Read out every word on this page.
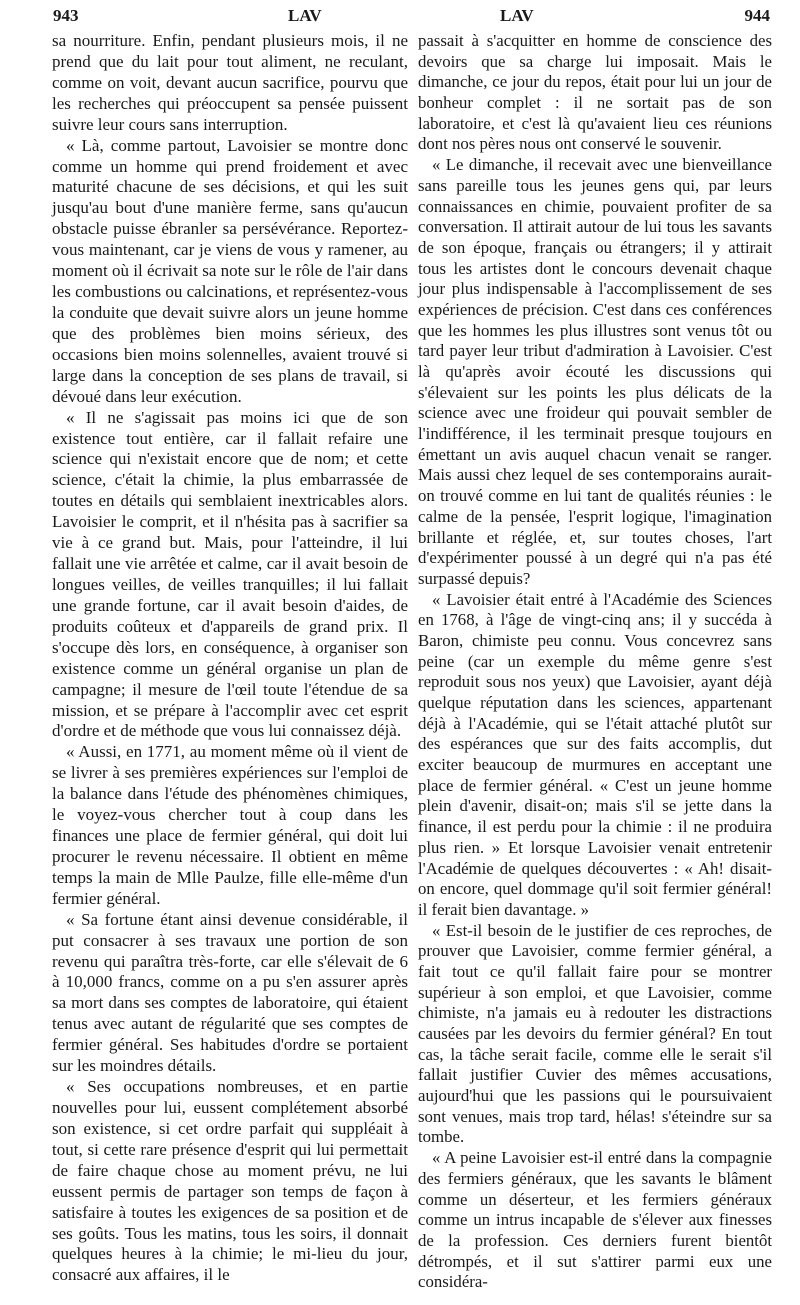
943	LAV	LAV	944

sa nourriture. Enfin, pendant plusieurs mois, il ne prend que du lait pour tout aliment, ne reculant, comme on voit, devant aucun sacrifice, pourvu que les recherches qui préoccupent sa pensée puissent suivre leur cours sans interruption.

« Là, comme partout, Lavoisier se montre donc comme un homme qui prend froidement et avec maturité chacune de ses décisions, et qui les suit jusqu'au bout d'une manière ferme, sans qu'aucun obstacle puisse ébranler sa persévérance. Reportez-vous maintenant, car je viens de vous y ramener, au moment où il écrivait sa note sur le rôle de l'air dans les combustions ou calcinations, et représentez-vous la conduite que devait suivre alors un jeune homme que des problèmes bien moins sérieux, des occasions bien moins solennelles, avaient trouvé si large dans la conception de ses plans de travail, si dévoué dans leur exécution.

« Il ne s'agissait pas moins ici que de son existence tout entière, car il fallait refaire une science qui n'existait encore que de nom; et cette science, c'était la chimie, la plus embarrassée de toutes en détails qui semblaient inextricables alors. Lavoisier le comprit, et il n'hésita pas à sacrifier sa vie à ce grand but. Mais, pour l'atteindre, il lui fallait une vie arrêtée et calme, car il avait besoin de longues veilles, de veilles tranquilles; il lui fallait une grande fortune, car il avait besoin d'aides, de produits coûteux et d'appareils de grand prix. Il s'occupe dès lors, en conséquence, à organiser son existence comme un général organise un plan de campagne; il mesure de l'œil toute l'étendue de sa mission, et se prépare à l'accomplir avec cet esprit d'ordre et de méthode que vous lui connaissez déjà.

« Aussi, en 1771, au moment même où il vient de se livrer à ses premières expériences sur l'emploi de la balance dans l'étude des phénomènes chimiques, le voyez-vous chercher tout à coup dans les finances une place de fermier général, qui doit lui procurer le revenu nécessaire. Il obtient en même temps la main de Mlle Paulze, fille elle-même d'un fermier général.

« Sa fortune étant ainsi devenue considérable, il put consacrer à ses travaux une portion de son revenu qui paraîtra très-forte, car elle s'élevait de 6 à 10,000 francs, comme on a pu s'en assurer après sa mort dans ses comptes de laboratoire, qui étaient tenus avec autant de régularité que ses comptes de fermier général. Ses habitudes d'ordre se portaient sur les moindres détails.

« Ses occupations nombreuses, et en partie nouvelles pour lui, eussent complétement absorbé son existence, si cet ordre parfait qui suppléait à tout, si cette rare présence d'esprit qui lui permettait de faire chaque chose au moment prévu, ne lui eussent permis de partager son temps de façon à satisfaire à toutes les exigences de sa position et de ses goûts. Tous les matins, tous les soirs, il donnait quelques heures à la chimie; le mi-lieu du jour, consacré aux affaires, il le

passait à s'acquitter en homme de conscience des devoirs que sa charge lui imposait. Mais le dimanche, ce jour du repos, était pour lui un jour de bonheur complet : il ne sortait pas de son laboratoire, et c'est là qu'avaient lieu ces réunions dont nos pères nous ont conservé le souvenir.

« Le dimanche, il recevait avec une bienveillance sans pareille tous les jeunes gens qui, par leurs connaissances en chimie, pouvaient profiter de sa conversation. Il attirait autour de lui tous les savants de son époque, français ou étrangers; il y attirait tous les artistes dont le concours devenait chaque jour plus indispensable à l'accomplissement de ses expériences de précision. C'est dans ces conférences que les hommes les plus illustres sont venus tôt ou tard payer leur tribut d'admiration à Lavoisier. C'est là qu'après avoir écouté les discussions qui s'élevaient sur les points les plus délicats de la science avec une froideur qui pouvait sembler de l'indifférence, il les terminait presque toujours en émettant un avis auquel chacun venait se ranger. Mais aussi chez lequel de ses contemporains aurait-on trouvé comme en lui tant de qualités réunies : le calme de la pensée, l'esprit logique, l'imagination brillante et réglée, et, sur toutes choses, l'art d'expérimenter poussé à un degré qui n'a pas été surpassé depuis?

« Lavoisier était entré à l'Académie des Sciences en 1768, à l'âge de vingt-cinq ans; il y succéda à Baron, chimiste peu connu. Vous concevrez sans peine (car un exemple du même genre s'est reproduit sous nos yeux) que Lavoisier, ayant déjà quelque réputation dans les sciences, appartenant déjà à l'Académie, qui se l'était attaché plutôt sur des espérances que sur des faits accomplis, dut exciter beaucoup de murmures en acceptant une place de fermier général. « C'est un jeune homme plein d'avenir, disait-on; mais s'il se jette dans la finance, il est perdu pour la chimie : il ne produira plus rien. » Et lorsque Lavoisier venait entretenir l'Académie de quelques découvertes : « Ah! disait-on encore, quel dommage qu'il soit fermier général! il ferait bien davantage. »

« Est-il besoin de le justifier de ces reproches, de prouver que Lavoisier, comme fermier général, a fait tout ce qu'il fallait faire pour se montrer supérieur à son emploi, et que Lavoisier, comme chimiste, n'a jamais eu à redouter les distractions causées par les devoirs du fermier général? En tout cas, la tâche serait facile, comme elle le serait s'il fallait justifier Cuvier des mêmes accusations, aujourd'hui que les passions qui le poursuivaient sont venues, mais trop tard, hélas! s'éteindre sur sa tombe.

« A peine Lavoisier est-il entré dans la compagnie des fermiers généraux, que les savants le blâment comme un déserteur, et les fermiers généraux comme un intrus incapable de s'élever aux finesses de la profession. Ces derniers furent bientôt détrompés, et il sut s'attirer parmi eux une considéra-
